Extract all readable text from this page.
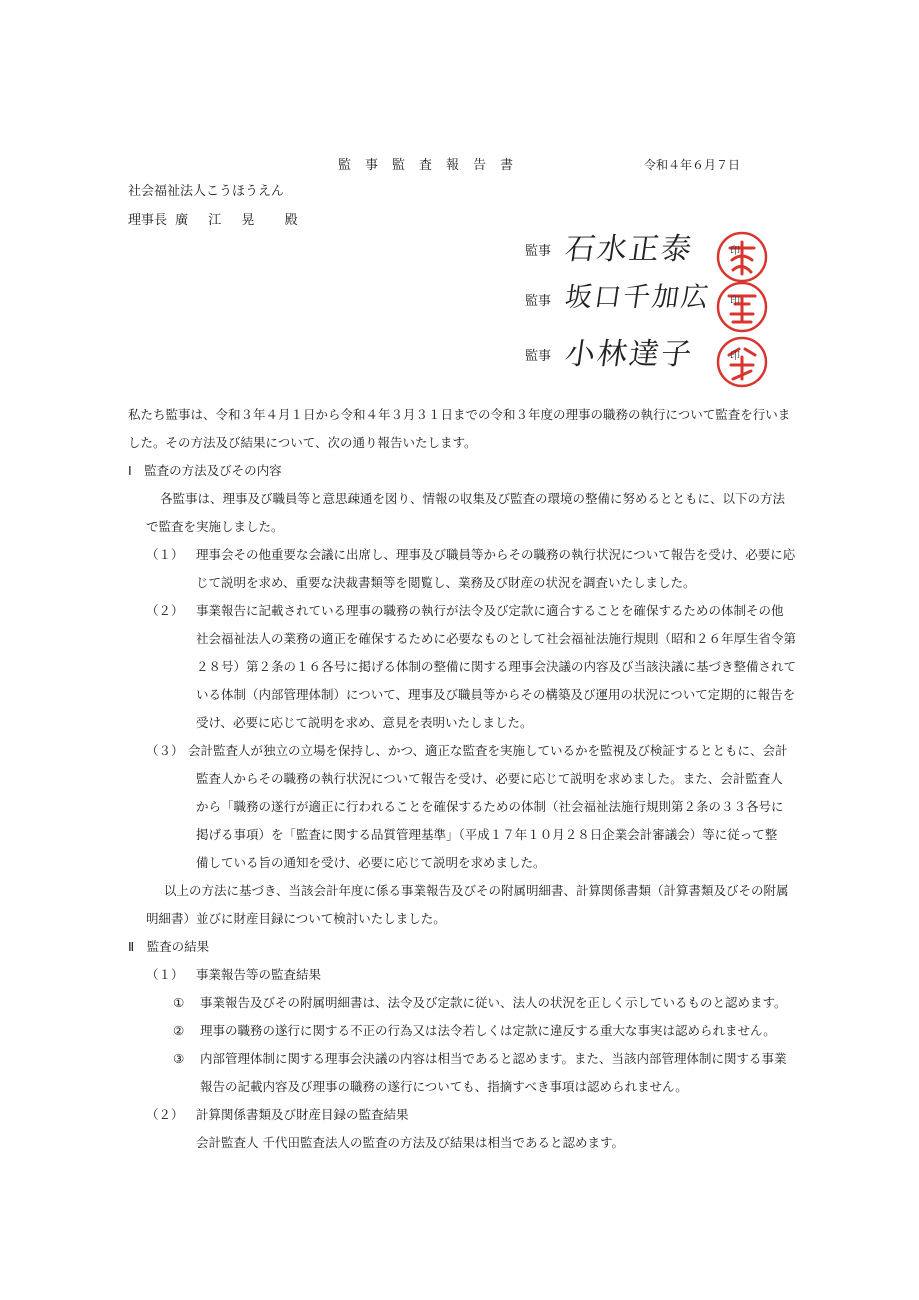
監事監査報告書	令和４年６月７日
社会福祉法人こうほうえん
理事長 廣 江 晃 殿
監事 石水正泰	印
監事 坂口千加広 印
監事 小林達子	印
私たち監事は、令和３年４月１日から令和４年３月３１日までの令和３年度の理事の職務の執行について監査を行いま
した。その方法及び結果について、次の通り報告いたします。
Ⅰ　監査の方法及びその内容
各監事は、理事及び職員等と意思疎通を図り、情報の収集及び監査の環境の整備に努めるとともに、以下の方法
で監査を実施しました。
（１） 理事会その他重要な会議に出席し、理事及び職員等からその職務の執行状況について報告を受け、必要に応
じて説明を求め、重要な決裁書類等を閲覧し、業務及び財産の状況を調査いたしました。
（２） 事業報告に記載されている理事の職務の執行が法令及び定款に適合することを確保するための体制その他
社会福祉法人の業務の適正を確保するために必要なものとして社会福祉法施行規則（昭和２６年厚生省令第
２８号）第２条の１６各号に掲げる体制の整備に関する理事会決議の内容及び当該決議に基づき整備されて
いる体制（内部管理体制）について、理事及び職員等からその構築及び運用の状況について定期的に報告を
受け、必要に応じて説明を求め、意見を表明いたしました。
（３） 会計監査人が独立の立場を保持し、かつ、適正な監査を実施しているかを監視及び検証するとともに、会計
監査人からその職務の執行状況について報告を受け、必要に応じて説明を求めました。また、会計監査人
から「職務の遂行が適正に行われることを確保するための体制（社会福祉法施行規則第２条の３３各号に
掲げる事項）を「監査に関する品質管理基準」（平成１７年１０月２８日企業会計審議会）等に従って整
備している旨の通知を受け、必要に応じて説明を求めました。
以上の方法に基づき、当該会計年度に係る事業報告及びその附属明細書、計算関係書類（計算書類及びその附属
明細書）並びに財産目録について検討いたしました。
Ⅱ　監査の結果
（１） 事業報告等の監査結果
① 事業報告及びその附属明細書は、法令及び定款に従い、法人の状況を正しく示しているものと認めます。
② 理事の職務の遂行に関する不正の行為又は法令若しくは定款に違反する重大な事実は認められません。
③ 内部管理体制に関する理事会決議の内容は相当であると認めます。また、当該内部管理体制に関する事業
報告の記載内容及び理事の職務の遂行についても、指摘すべき事項は認められません。
（２） 計算関係書類及び財産目録の監査結果
会計監査人 千代田監査法人の監査の方法及び結果は相当であると認めます。
